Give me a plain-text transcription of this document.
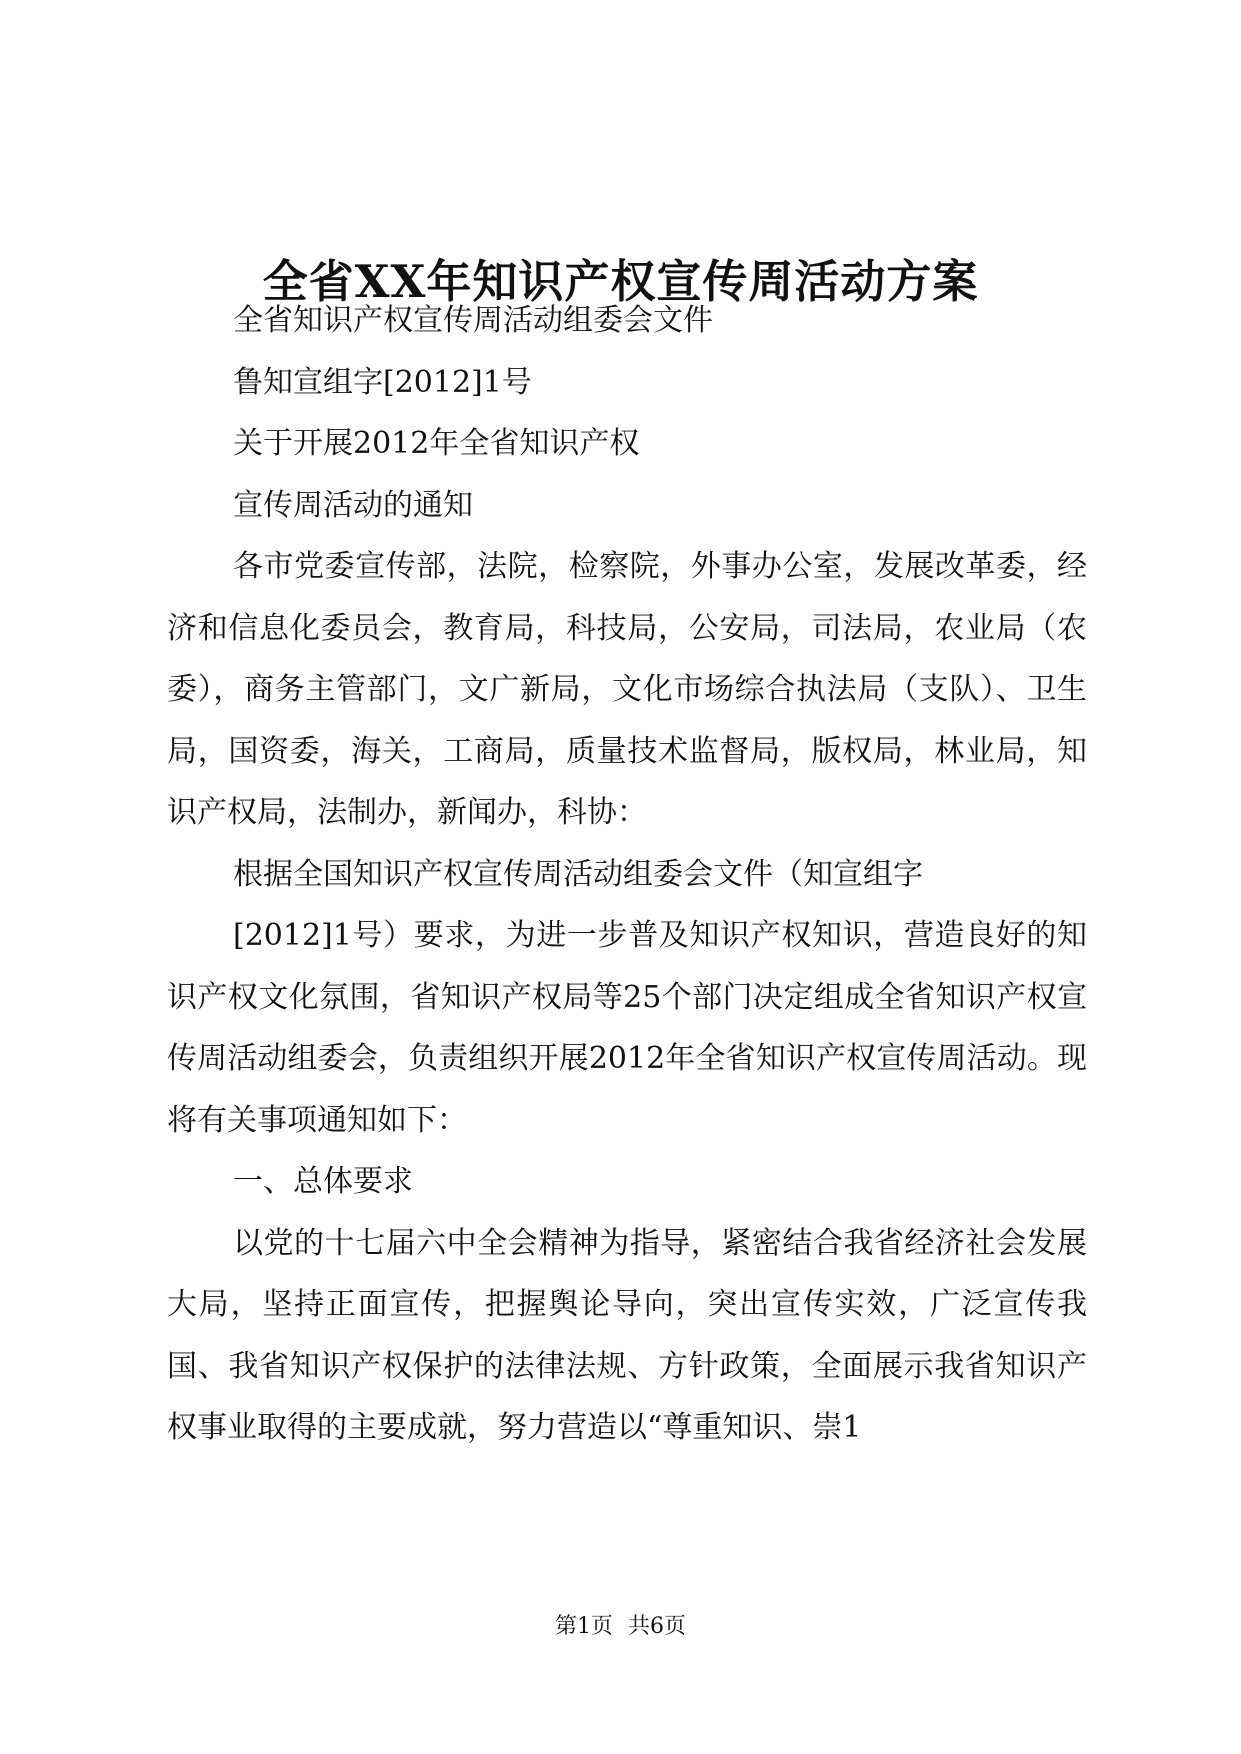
全省XX年知识产权宣传周活动方案

全省知识产权宣传周活动组委会文件

鲁知宣组字[2012]1号

关于开展2012年全省知识产权

宣传周活动的通知

各市党委宣传部，法院，检察院，外事办公室，发展改革委，经济和信息化委员会，教育局，科技局，公安局，司法局，农业局（农委），商务主管部门，文广新局，文化市场综合执法局（支队）、卫生局，国资委，海关，工商局，质量技术监督局，版权局，林业局，知识产权局，法制办，新闻办，科协：

根据全国知识产权宣传周活动组委会文件（知宣组字

[2012]1号）要求，为进一步普及知识产权知识，营造良好的知识产权文化氛围，省知识产权局等25个部门决定组成全省知识产权宣传周活动组委会，负责组织开展2012年全省知识产权宣传周活动。现将有关事项通知如下：

一、总体要求

以党的十七届六中全会精神为指导，紧密结合我省经济社会发展大局，坚持正面宣传，把握舆论导向，突出宣传实效，广泛宣传我国、我省知识产权保护的法律法规、方针政策，全面展示我省知识产权事业取得的主要成就，努力营造以“尊重知识、崇1

第1页 共6页
